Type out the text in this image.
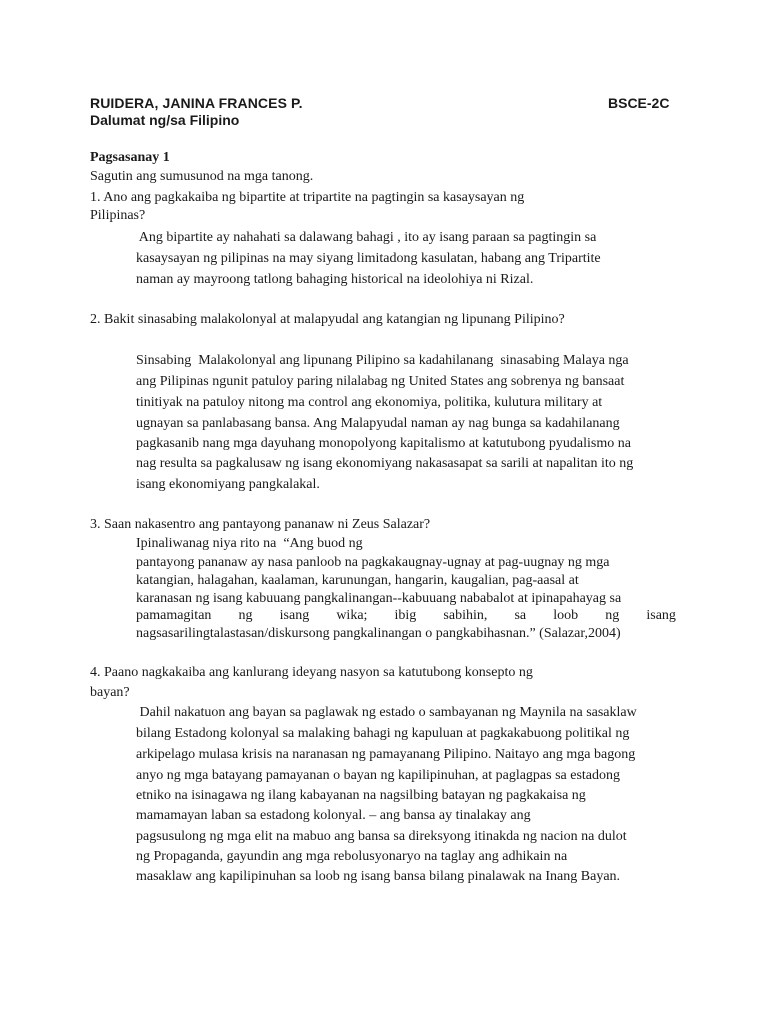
RUIDERA, JANINA FRANCES P.	BSCE-2C
Dalumat ng/sa Filipino
Pagsasanay 1
Sagutin ang sumusunod na mga tanong.
1. Ano ang pagkakaiba ng bipartite at tripartite na pagtingin sa kasaysayan ng
Pilipinas?
Ang bipartite ay nahahati sa dalawang bahagi , ito ay isang paraan sa pagtingin sa
kasaysayan ng pilipinas na may siyang limitadong kasulatan, habang ang Tripartite
naman ay mayroong tatlong bahaging historical na ideolohiya ni Rizal.
2. Bakit sinasabing malakolonyal at malapyudal ang katangian ng lipunang Pilipino?
Sinsabing  Malakolonyal ang lipunang Pilipino sa kadahilanang  sinasabing Malaya nga
ang Pilipinas ngunit patuloy paring nilalabag ng United States ang sobrenya ng bansaat
tinitiyak na patuloy nitong ma control ang ekonomiya, politika, kulutura military at
ugnayan sa panlabasang bansa. Ang Malapyudal naman ay nag bunga sa kadahilanang
pagkasanib nang mga dayuhang monopolyong kapitalismo at katutubong pyudalismo na
nag resulta sa pagkalusaw ng isang ekonomiyang nakasasapat sa sarili at napalitan ito ng
isang ekonomiyang pangkalakal.
3. Saan nakasentro ang pantayong pananaw ni Zeus Salazar?
Ipinaliwanag niya rito na  “Ang buod ng
pantayong pananaw ay nasa panloob na pagkakaugnay-ugnay at pag-uugnay ng mga
katangian, halagahan, kaalaman, karunungan, hangarin, kaugalian, pag-aasal at
karanasan ng isang kabuuang pangkalinangan--kabuuang nababalot at ipinapahayag sa
pamamagitan ng isang wika; ibig sabihin, sa loob ng isang
nagsasarilingtalastasan/diskursong pangkalinangan o pangkabihasnan.” (Salazar,2004)
4. Paano nagkakaiba ang kanlurang ideyang nasyon sa katutubong konsepto ng
bayan?
Dahil nakatuon ang bayan sa paglawak ng estado o sambayanan ng Maynila na sasaklaw
bilang Estadong kolonyal sa malaking bahagi ng kapuluan at pagkakabuong politikal ng
arkipelago mulasa krisis na naranasan ng pamayanang Pilipino. Naitayo ang mga bagong
anyo ng mga batayang pamayanan o bayan ng kapilipinuhan, at paglagpas sa estadong
etniko na isinagawa ng ilang kabayanan na nagsilbing batayan ng pagkakaisa ng
mamamayan laban sa estadong kolonyal. – ang bansa ay tinalakay ang
pagsusulong ng mga elit na mabuo ang bansa sa direksyong itinakda ng nacion na dulot
ng Propaganda, gayundin ang mga rebolusyonaryo na taglay ang adhikain na
masaklaw ang kapilipinuhan sa loob ng isang bansa bilang pinalawak na Inang Bayan.
